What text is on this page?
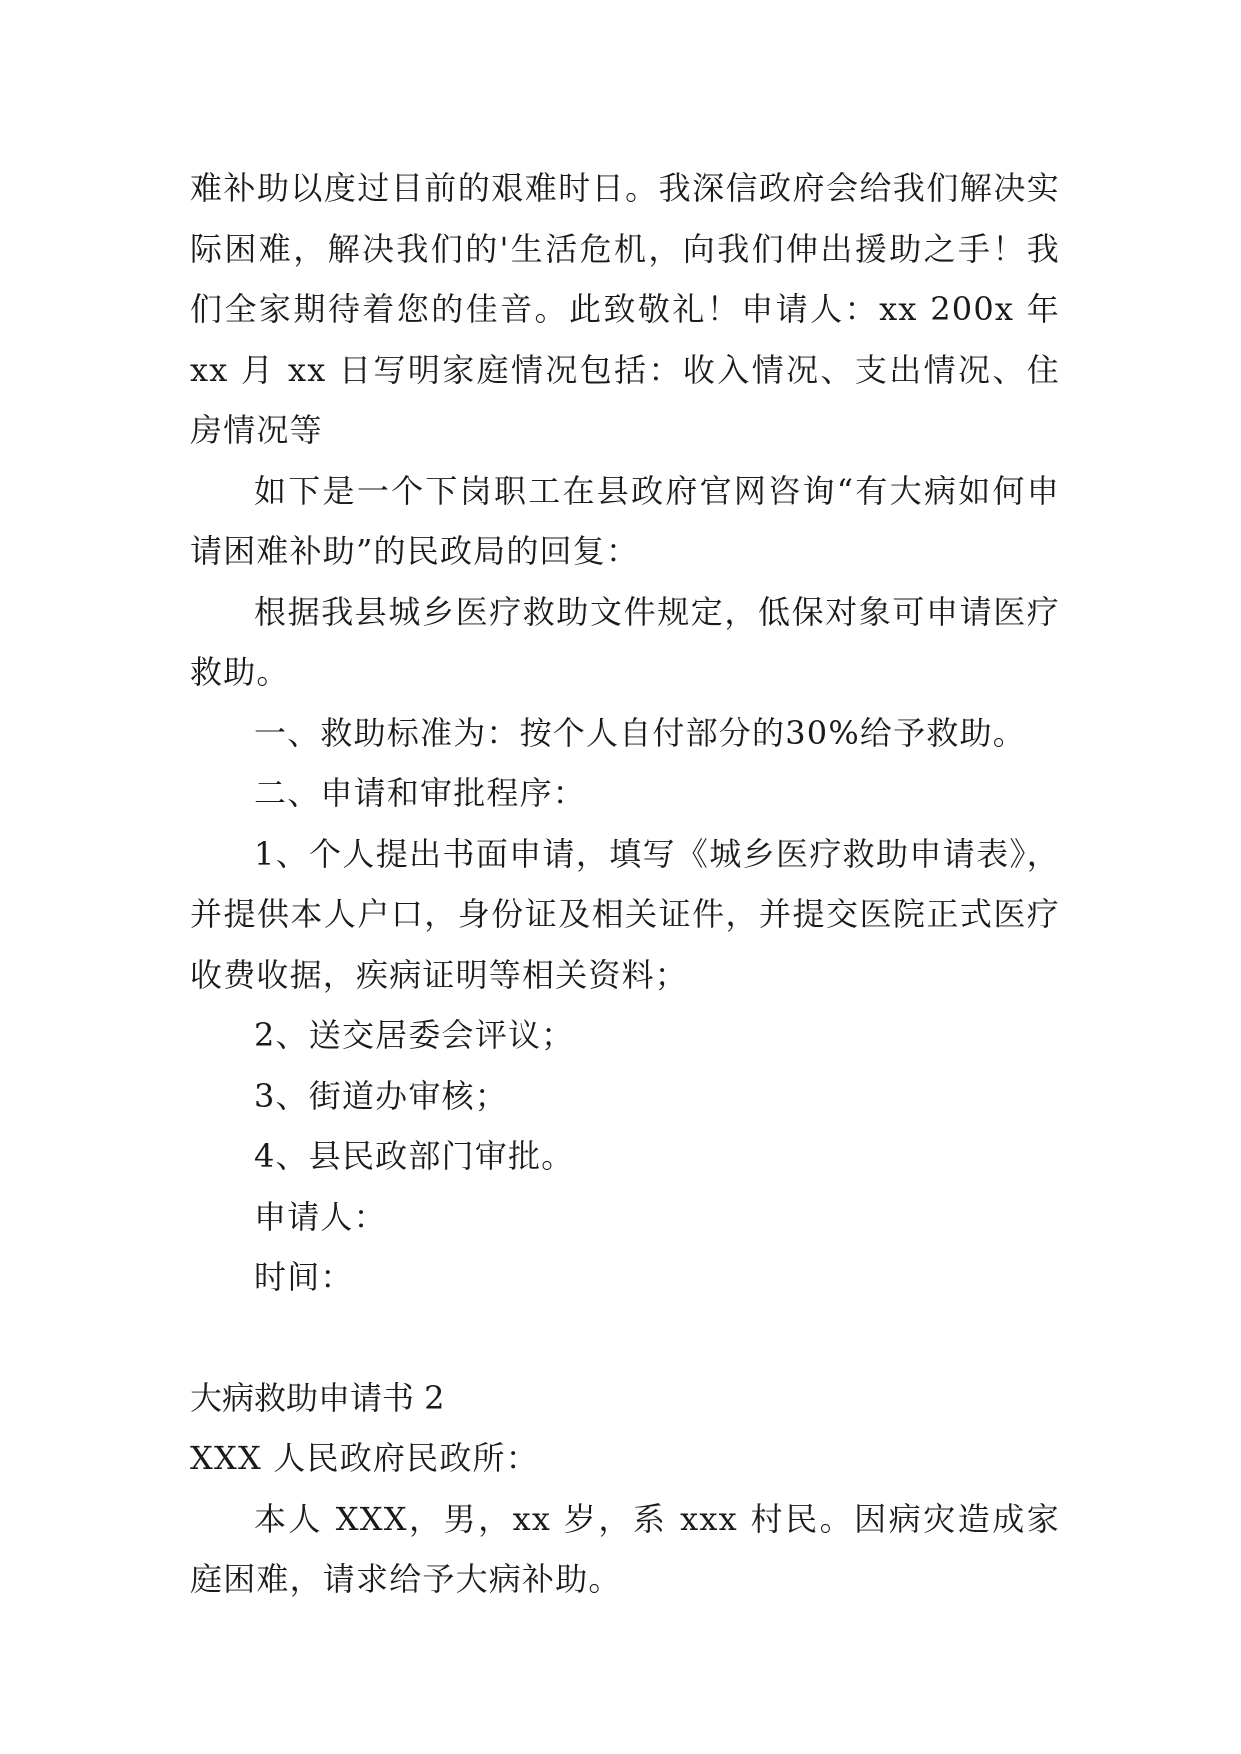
难补助以度过目前的艰难时日。我深信政府会给我们解决实际困难，解决我们的'生活危机，向我们伸出援助之手！我们全家期待着您的佳音。此致敬礼！申请人：xx 200x 年 xx 月 xx 日写明家庭情况包括：收入情况、支出情况、住房情况等

如下是一个下岗职工在县政府官网咨询“有大病如何申请困难补助”的民政局的回复：

根据我县城乡医疗救助文件规定，低保对象可申请医疗救助。

一、救助标准为：按个人自付部分的30%给予救助。

二、申请和审批程序：

1、个人提出书面申请，填写《城乡医疗救助申请表》，并提供本人户口，身份证及相关证件，并提交医院正式医疗收费收据，疾病证明等相关资料；

2、送交居委会评议；

3、街道办审核；

4、县民政部门审批。

申请人：

时间：

大病救助申请书 2

XXX 人民政府民政所：

本人 XXX，男，xx 岁，系 xxx 村民。因病灾造成家庭困难，请求给予大病补助。
